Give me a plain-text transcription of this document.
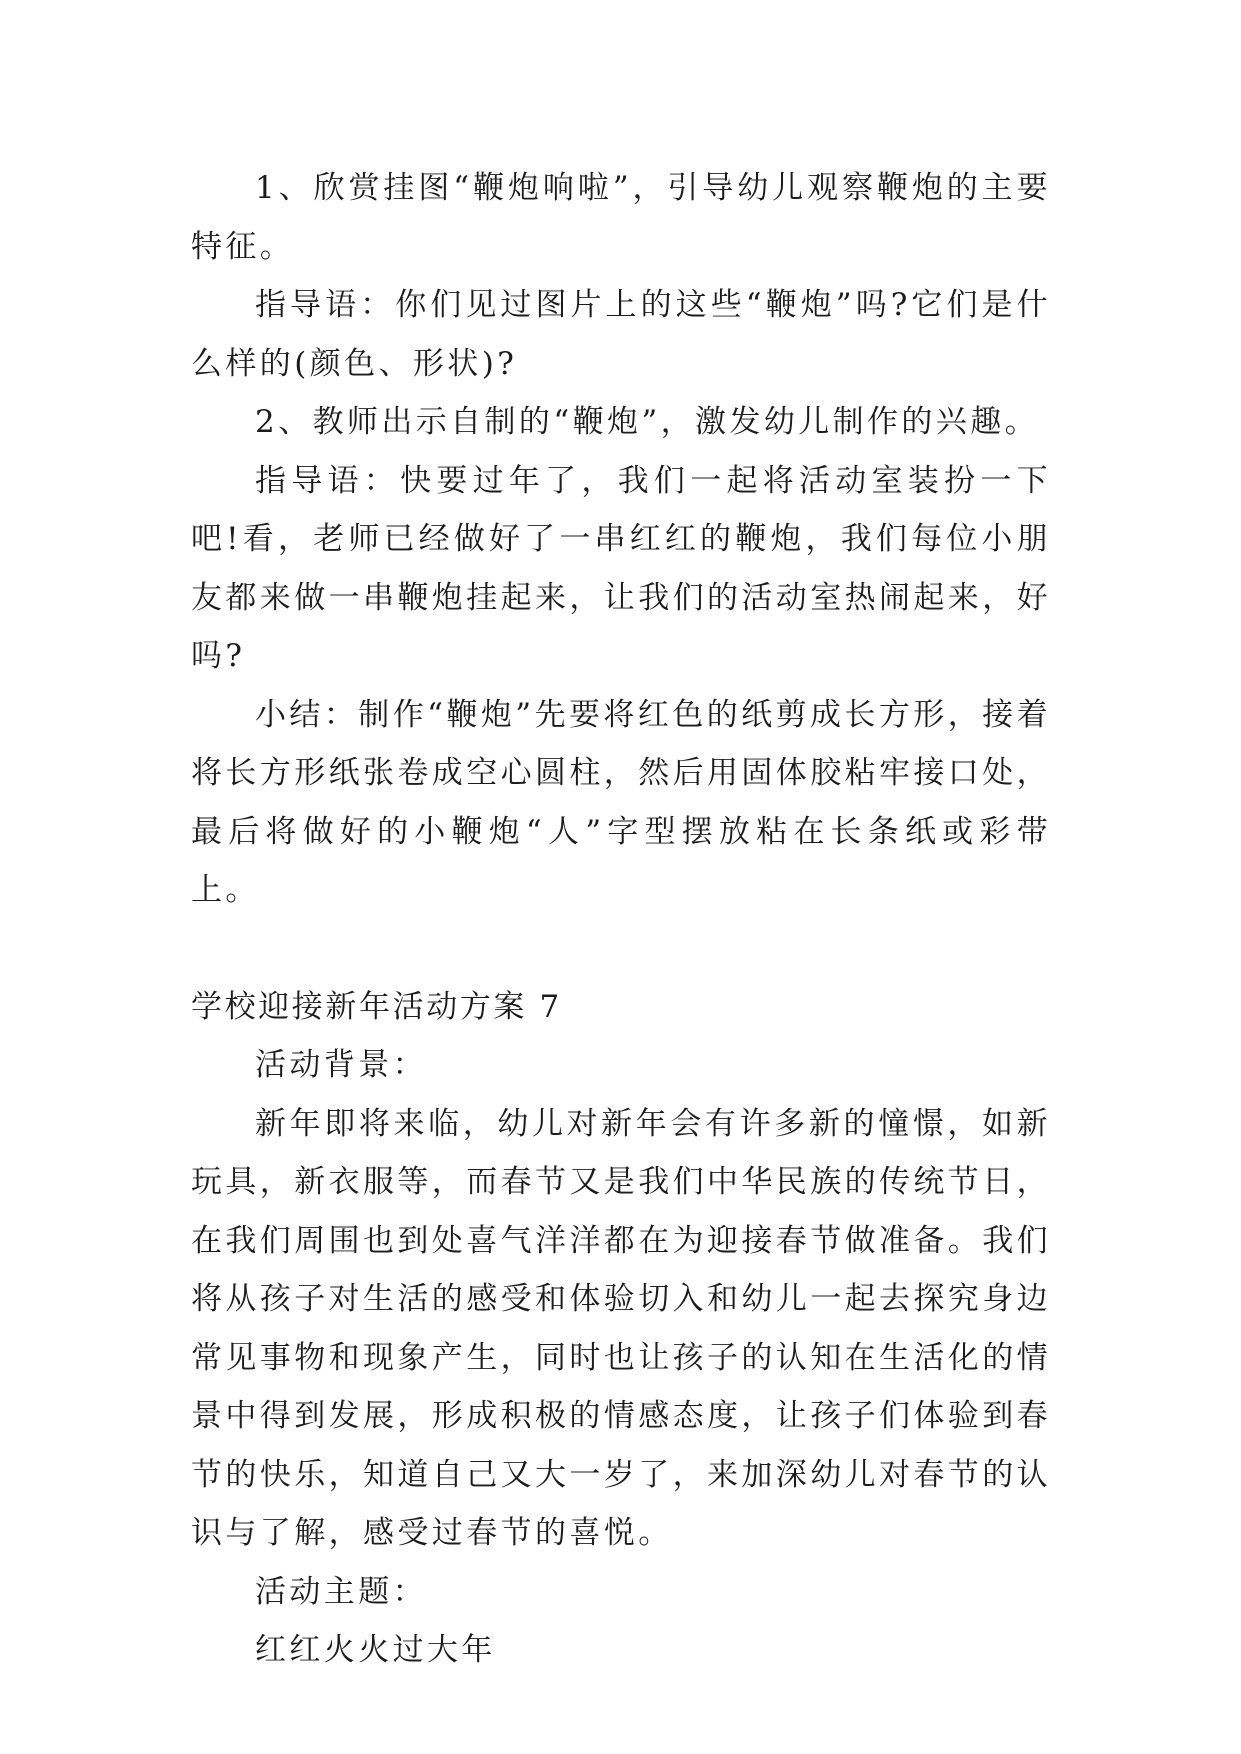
1、欣赏挂图“鞭炮响啦”，引导幼儿观察鞭炮的主要特征。

指导语：你们见过图片上的这些“鞭炮”吗?它们是什么样的(颜色、形状)?

2、教师出示自制的“鞭炮”，激发幼儿制作的兴趣。

指导语：快要过年了，我们一起将活动室装扮一下吧!看，老师已经做好了一串红红的鞭炮，我们每位小朋友都来做一串鞭炮挂起来，让我们的活动室热闹起来，好吗?

小结：制作“鞭炮”先要将红色的纸剪成长方形，接着将长方形纸张卷成空心圆柱，然后用固体胶粘牢接口处，最后将做好的小鞭炮“人”字型摆放粘在长条纸或彩带上。

学校迎接新年活动方案 7

活动背景：

新年即将来临，幼儿对新年会有许多新的憧憬，如新玩具，新衣服等，而春节又是我们中华民族的传统节日，在我们周围也到处喜气洋洋都在为迎接春节做准备。我们将从孩子对生活的感受和体验切入和幼儿一起去探究身边常见事物和现象产生，同时也让孩子的认知在生活化的情景中得到发展，形成积极的情感态度，让孩子们体验到春节的快乐，知道自己又大一岁了，来加深幼儿对春节的认识与了解，感受过春节的喜悦。

活动主题：

红红火火过大年
